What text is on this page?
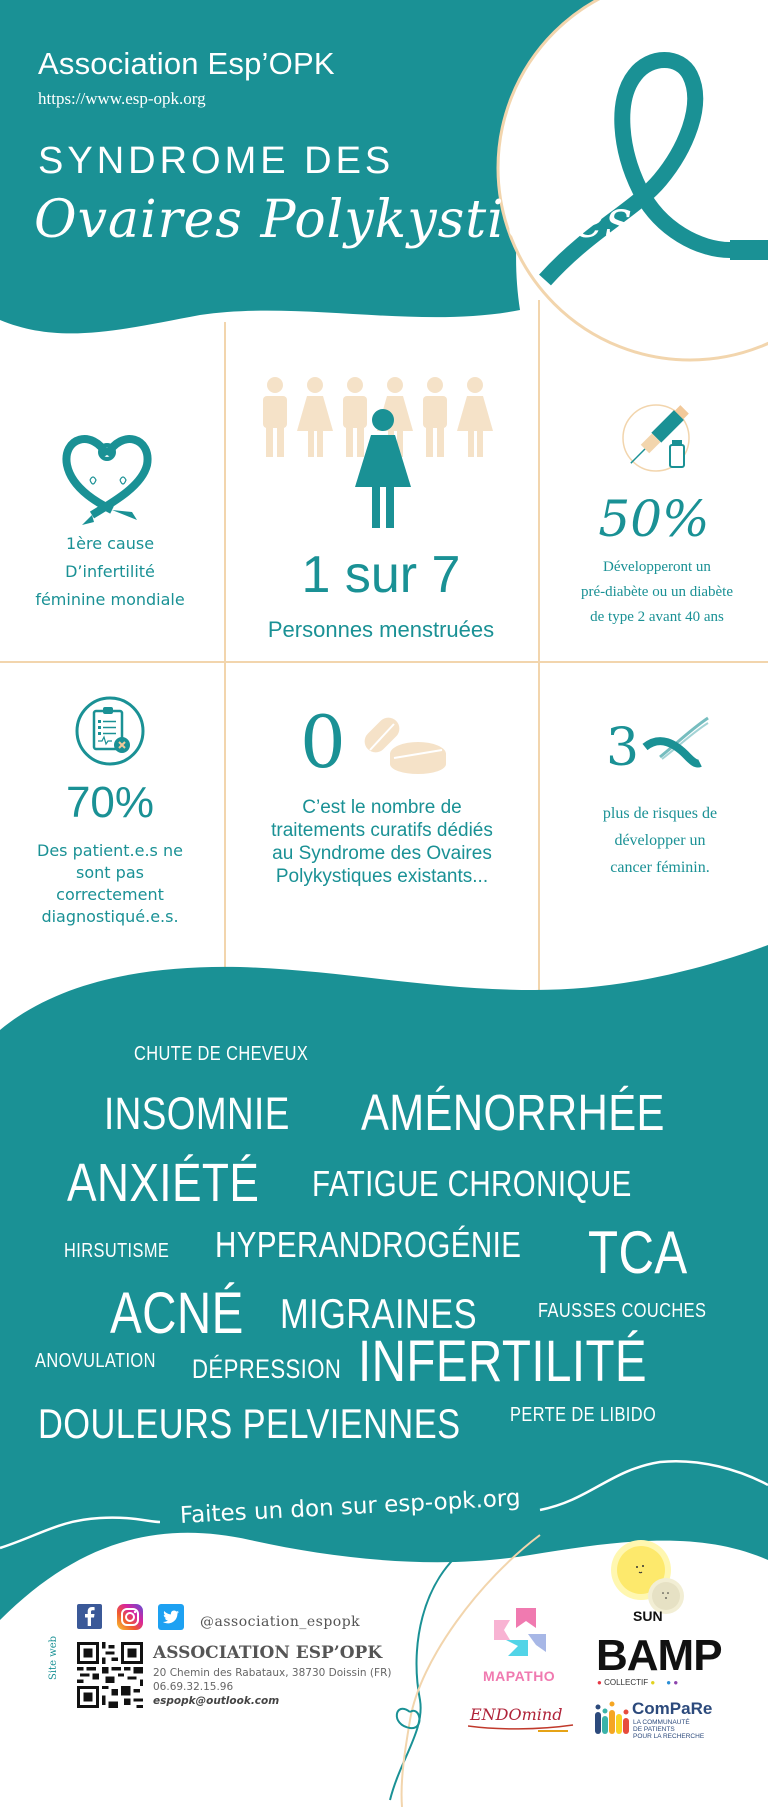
Association Esp’OPK
https://www.esp-opk.org
SYNDROME DES
Ovaires Polykystiques
1ère cause
D’infertilité
féminine mondiale	1 sur 7
Personnes menstruées
50%
Développeront un
pré-diabète ou un diabète
de type 2 avant 40 ans
70%
Des patient.e.s ne
sont pas
correctement
diagnostiqué.e.s.
0
C’est le nombre de
traitements curatifs dédiés
au Syndrome des Ovaires
Polykystiques existants...
3
plus de risques de
développer un
cancer féminin.
CHUTE DE CHEVEUX
INSOMNIE AMÉNORRHÉE
ANXIÉTÉ FATIGUE CHRONIQUE
HIRSUTISME HYPERANDROGÉNIE TCA
ACNÉ MIGRAINES	FAUSSES COUCHES
ANOVULATION DÉPRESSION INFERTILITÉ
DOULEURS PELVIENNES PERTE DE LIBIDO
Faites un don sur esp-opk.org
@association_espopk
Site web	ASSOCIATION ESP’OPK
20 Chemin des Rabataux, 38730 Doissin (FR)
06.69.32.15.96
espopk@outlook.com
SUN
MAPATHO BAMP
● COLLECTIF ● ● ●
ENDOmind	ComPaRe
LA COMMUNAUTÉ
DE PATIENTS
POUR LA RECHERCHE
